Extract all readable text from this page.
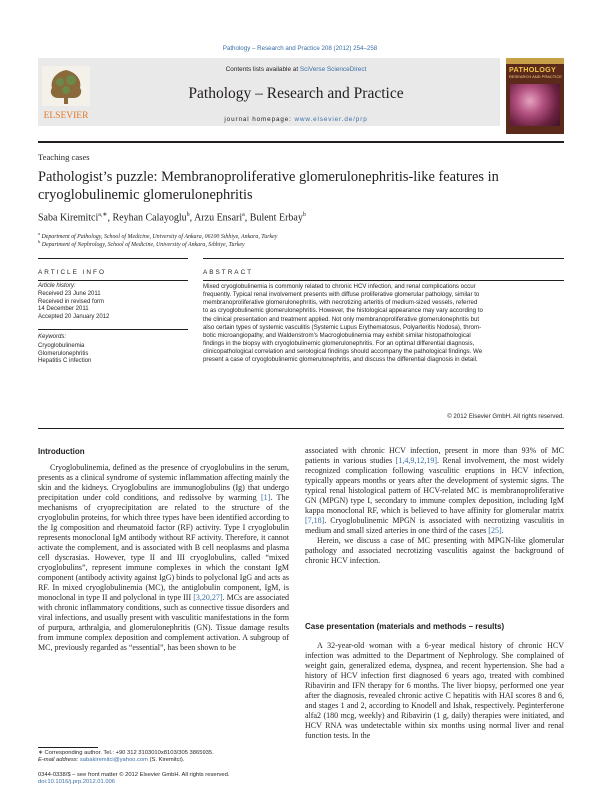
Pathology – Research and Practice 208 (2012) 254–258
ELSEVIER
Contents lists available at SciVerse ScienceDirect
Pathology – Research and Practice
journal homepage: www.elsevier.de/prp
PATHOLOGY
RESEARCH AND PRACTICE
Teaching cases
Pathologist’s puzzle: Membranoproliferative glomerulonephritis-like features in cryoglobulinemic glomerulonephritis
Saba Kiremitci$^{a,∗}$, Reyhan Calayoglu$^b$, Arzu Ensari$^a$, Bulent Erbay$^b$
$^a$ Department of Pathology, School of Medicine, University of Ankara, 06100 Sıhhiye, Ankara, Turkey
$^b$ Department of Nephrology, School of Medicine, University of Ankara, Sıhhiye, Turkey
ARTICLE INFO
Article history:
Received 23 June 2011
Received in revised form
14 December 2011
Accepted 20 January 2012
Keywords:
Cryoglobulinemia
Glomerulonephritis
Hepatitis C infection
ABSTRACT
Mixed cryoglobulinemia is commonly related to chronic HCV infection, and renal complications occur
frequently. Typical renal involvement presents with diffuse proliferative glomerular pathology, similar to
membranoproliferative glomerulonephritis, with necrotizing arteritis of medium-sized vessels, referred
to as cryoglobulinemic glomerulonephritis. However, the histological appearance may vary according to
the clinical presentation and treatment applied. Not only membranoproliferative glomerulonephritis but
also certain types of systemic vasculitis (Systemic Lupus Erythematosus, Polyarteritis Nodosa), throm-
botic microangiopathy, and Waldenstrom's Macroglobulinemia may exhibit similar histopathological
findings in the biopsy with cryoglobulinemic glomerulonephritis. For an optimal differential diagnosis,
clinicopathological correlation and serological findings should accompany the pathological findings. We
present a case of cryoglobulinemic glomerulonephritis, and discuss the differential diagnosis in detail.
© 2012 Elsevier GmbH. All rights reserved.
Introduction
Cryoglobulinemia, defined as the presence of cryoglobulins in the serum, presents as a clinical syndrome of systemic inflammation affecting mainly the skin and the kidneys. Cryoglobulins are immunoglobulins (Ig) that undergo precipitation under cold conditions, and redissolve by warming [1]. The mechanisms of cryoprecipitation are related to the structure of the cryoglobulin proteins, for which three types have been identified according to the Ig composition and rheumatoid factor (RF) activity. Type I cryoglobulin represents monoclonal IgM antibody without RF activity. Therefore, it cannot activate the complement, and is associated with B cell neoplasms and plasma cell dyscrasias. However, type II and III cryoglobulins, called “mixed cryoglobulins”, represent immune complexes in which the constant IgM component (antibody activity against IgG) binds to polyclonal IgG and acts as RF. In mixed cryoglobulinemia (MC), the antiglobulin component, IgM, is monoclonal in type II and polyclonal in type III [3,20,27]. MCs are associated with chronic inflammatory conditions, such as connective tissue disorders and viral infections, and usually present with vasculitic manifestations in the form of purpura, arthralgia, and glomerulonephritis (GN). Tissue damage results from immune complex deposition and complement activation. A subgroup of MC, previously regarded as “essential”, has been shown to be
associated with chronic HCV infection, present in more than 93% of MC patients in various studies [1,4,9,12,19]. Renal involvement, the most widely recognized complication following vasculitic eruptions in HCV infection, typically appears months or years after the development of systemic signs. The typical renal histological pattern of HCV-related MC is membranoproliferative GN (MPGN) type I, secondary to immune complex deposition, including IgM kappa monoclonal RF, which is believed to have affinity for glomerular matrix [7,18]. Cryoglobulinemic MPGN is associated with necrotizing vasculitis in medium and small sized arteries in one third of the cases [25].
Herein, we discuss a case of MC presenting with MPGN-like glomerular pathology and associated necrotizing vasculitis against the background of chronic HCV infection.
Case presentation (materials and methods – results)
A 32-year-old woman with a 6-year medical history of chronic HCV infection was admitted to the Department of Nephrology. She complained of weight gain, generalized edema, dyspnea, and recent hypertension. She had a history of HCV infection first diagnosed 6 years ago, treated with combined Ribavirin and IFN therapy for 6 months. The liver biopsy, performed one year after the diagnosis, revealed chronic active C hepatitis with HAI scores 8 and 6, and stages 1 and 2, according to Knodell and Ishak, respectively. Peginterferone alfa2 (180 mcg, weekly) and Ribavirin (1 g, daily) therapies were initiated, and HCV RNA was undetectable within six months using normal liver and renal function tests. In the
∗ Corresponding author. Tel.: +90 312 3103010x8103/305 3865935.
E-mail address: sabakiremitci@yahoo.com (S. Kiremitci).
0344-0338/$ – see front matter © 2012 Elsevier GmbH. All rights reserved.
doi:10.1016/j.prp.2012.01.006
